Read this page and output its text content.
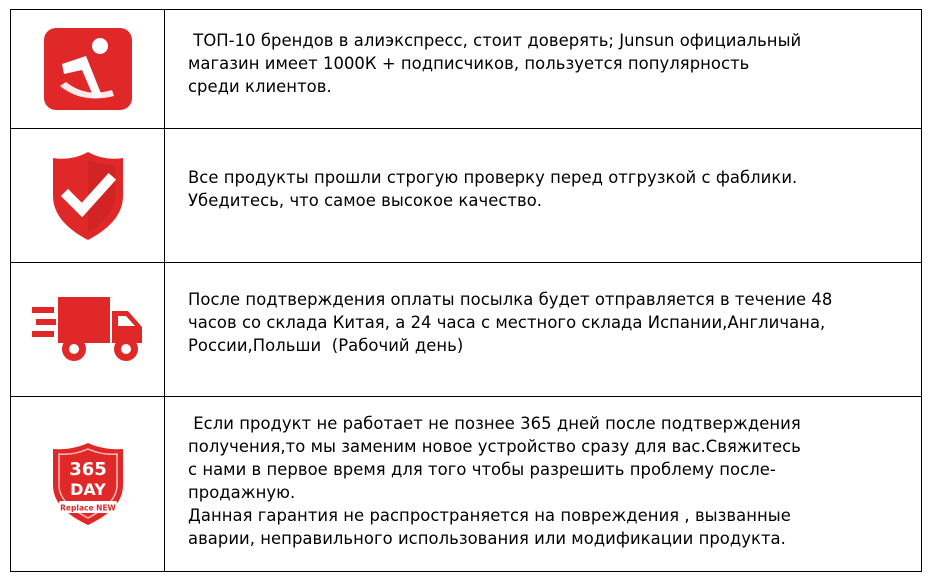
ТОП-10 брендов в алиэкспресс, стоит доверять; Junsun официальный
магазин имеет 1000К + подписчиков, пользуется популярность
среди клиентов.

Все продукты прошли строгую проверку перед отгрузкой с фаблики.
Убедитесь, что самое высокое качество.

После подтверждения оплаты посылка будет отправляется в течение 48
часов со склада Китая, а 24 часа с местного склада Испании,Англичана,
России,Польши  (Рабочий день)

365
DAY
Replace NEW

Если продукт не работает не познее 365 дней после подтверждения
получения,то мы заменим новое устройство сразу для вас.Свяжитесь
с нами в первое время для того чтобы разрешить проблему после-
продажную.
Данная гарантия не распространяется на повреждения , вызванные
аварии, неправильного использования или модификации продукта.
